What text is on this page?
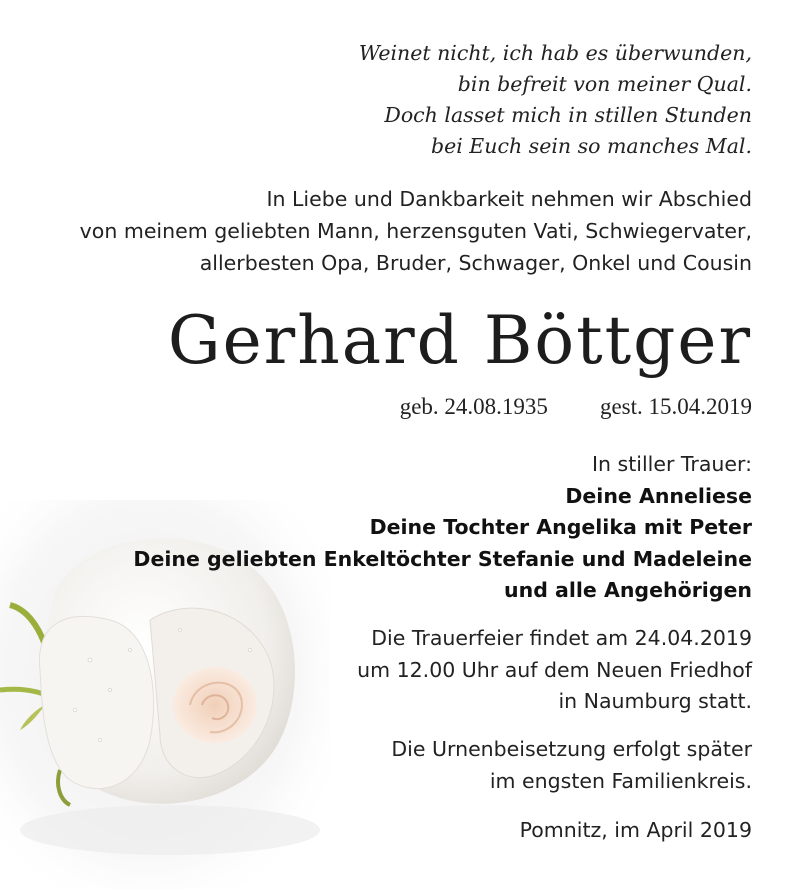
Weinet nicht, ich hab es überwunden,
bin befreit von meiner Qual.
Doch lasset mich in stillen Stunden
bei Euch sein so manches Mal.
In Liebe und Dankbarkeit nehmen wir Abschied
von meinem geliebten Mann, herzensguten Vati, Schwiegervater,
allerbesten Opa, Bruder, Schwager, Onkel und Cousin
Gerhard Böttger
geb. 24.08.1935 gest. 15.04.2019
In stiller Trauer:
Deine Anneliese
Deine Tochter Angelika mit Peter
Deine geliebten Enkeltöchter Stefanie und Madeleine
und alle Angehörigen
Die Trauerfeier findet am 24.04.2019
um 12.00 Uhr auf dem Neuen Friedhof
in Naumburg statt.
Die Urnenbeisetzung erfolgt später
im engsten Familienkreis.
Pomnitz, im April 2019
